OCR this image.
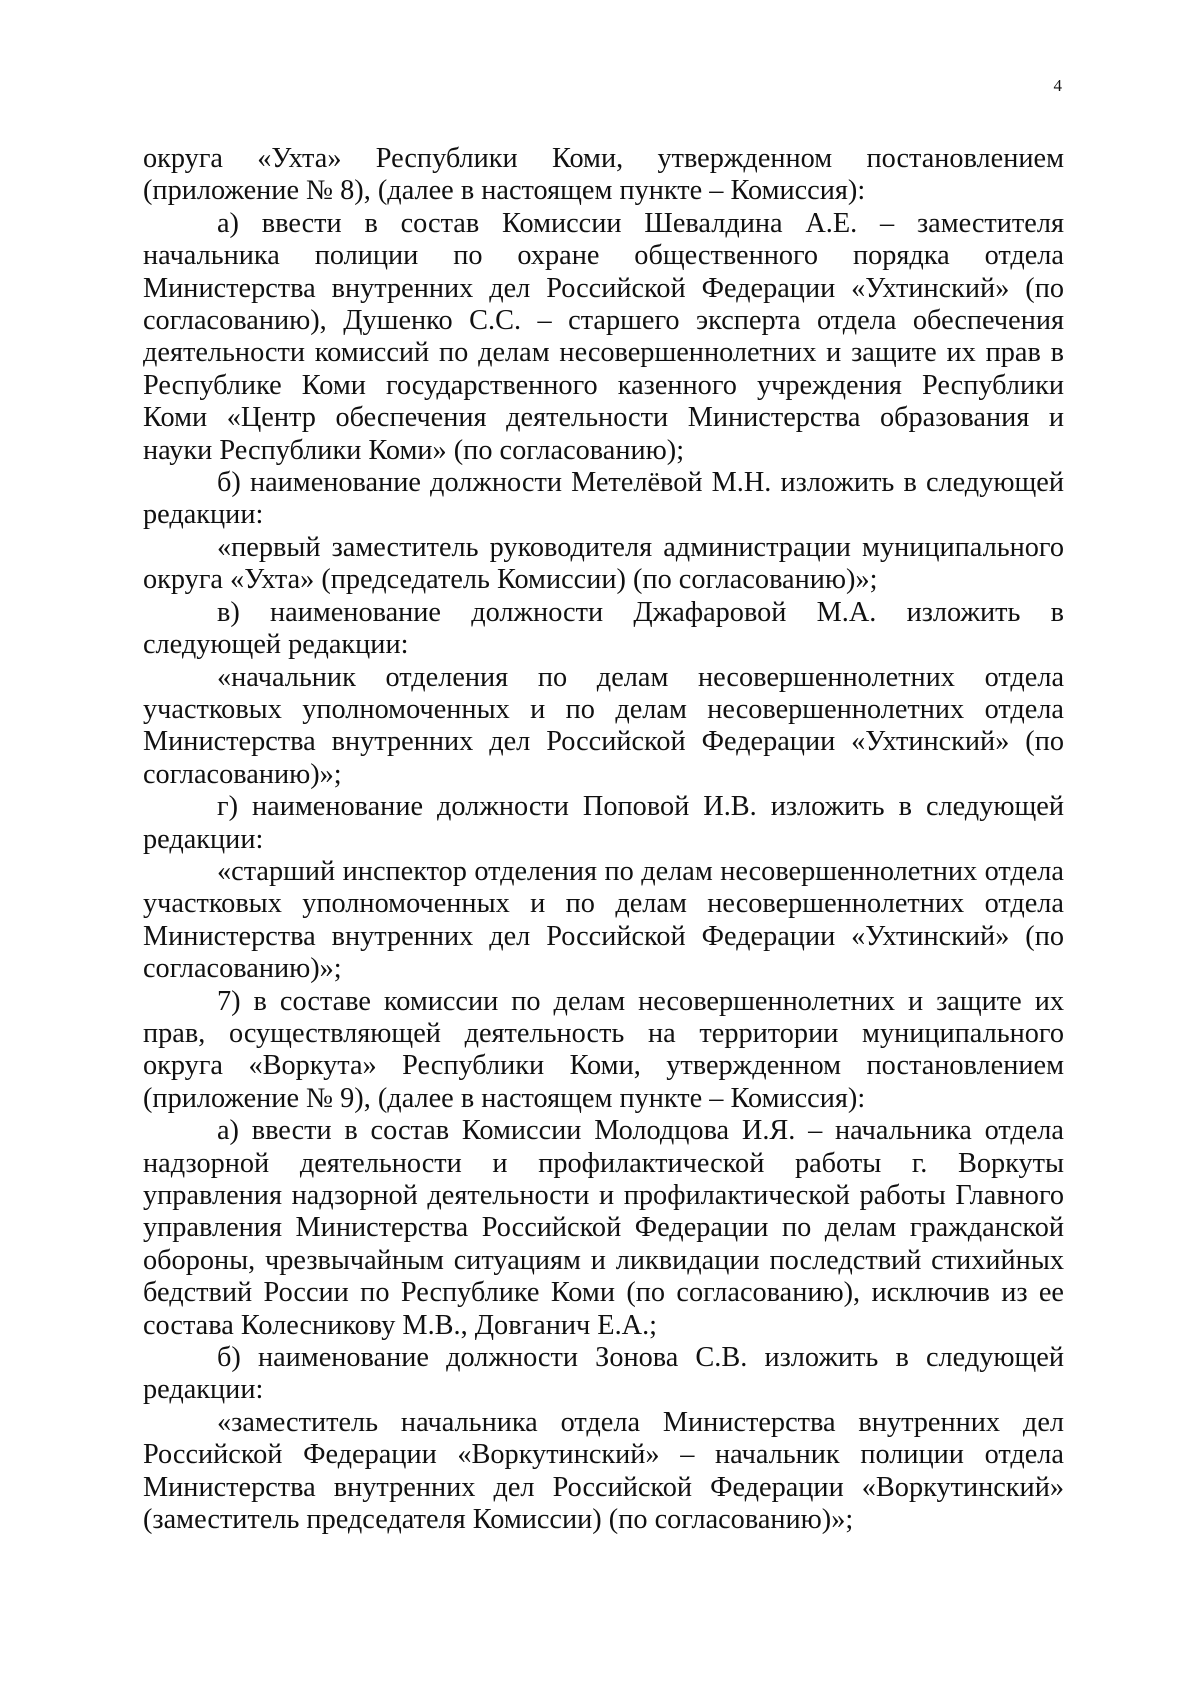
4

округа «Ухта» Республики Коми, утвержденном постановлением (приложение № 8), (далее в настоящем пункте – Комиссия):

а) ввести в состав Комиссии Шевалдина А.Е. – заместителя начальника полиции по охране общественного порядка отдела Министерства внутренних дел Российской Федерации «Ухтинский» (по согласованию), Душенко С.С. – старшего эксперта отдела обеспечения деятельности комиссий по делам несовершеннолетних и защите их прав в Республике Коми государственного казенного учреждения Республики Коми «Центр обеспечения деятельности Министерства образования и науки Республики Коми» (по согласованию);

б) наименование должности Метелёвой М.Н. изложить в следующей редакции:

«первый заместитель руководителя администрации муниципального округа «Ухта» (председатель Комиссии) (по согласованию)»;

в) наименование должности Джафаровой М.А. изложить в следующей редакции:

«начальник отделения по делам несовершеннолетних отдела участковых уполномоченных и по делам несовершеннолетних отдела Министерства внутренних дел Российской Федерации «Ухтинский» (по согласованию)»;

г) наименование должности Поповой И.В. изложить в следующей редакции:

«старший инспектор отделения по делам несовершеннолетних отдела участковых уполномоченных и по делам несовершеннолетних отдела Министерства внутренних дел Российской Федерации «Ухтинский» (по согласованию)»;

7) в составе комиссии по делам несовершеннолетних и защите их прав, осуществляющей деятельность на территории муниципального округа «Воркута» Республики Коми, утвержденном постановлением (приложение № 9), (далее в настоящем пункте – Комиссия):

а) ввести в состав Комиссии Молодцова И.Я. – начальника отдела надзорной деятельности и профилактической работы г. Воркуты управления надзорной деятельности и профилактической работы Главного управления Министерства Российской Федерации по делам гражданской обороны, чрезвычайным ситуациям и ликвидации последствий стихийных бедствий России по Республике Коми (по согласованию), исключив из ее состава Колесникову М.В., Довганич Е.А.;

б) наименование должности Зонова С.В. изложить в следующей редакции:

«заместитель начальника отдела Министерства внутренних дел Российской Федерации «Воркутинский» – начальник полиции отдела Министерства внутренних дел Российской Федерации «Воркутинский» (заместитель председателя Комиссии) (по согласованию)»;
